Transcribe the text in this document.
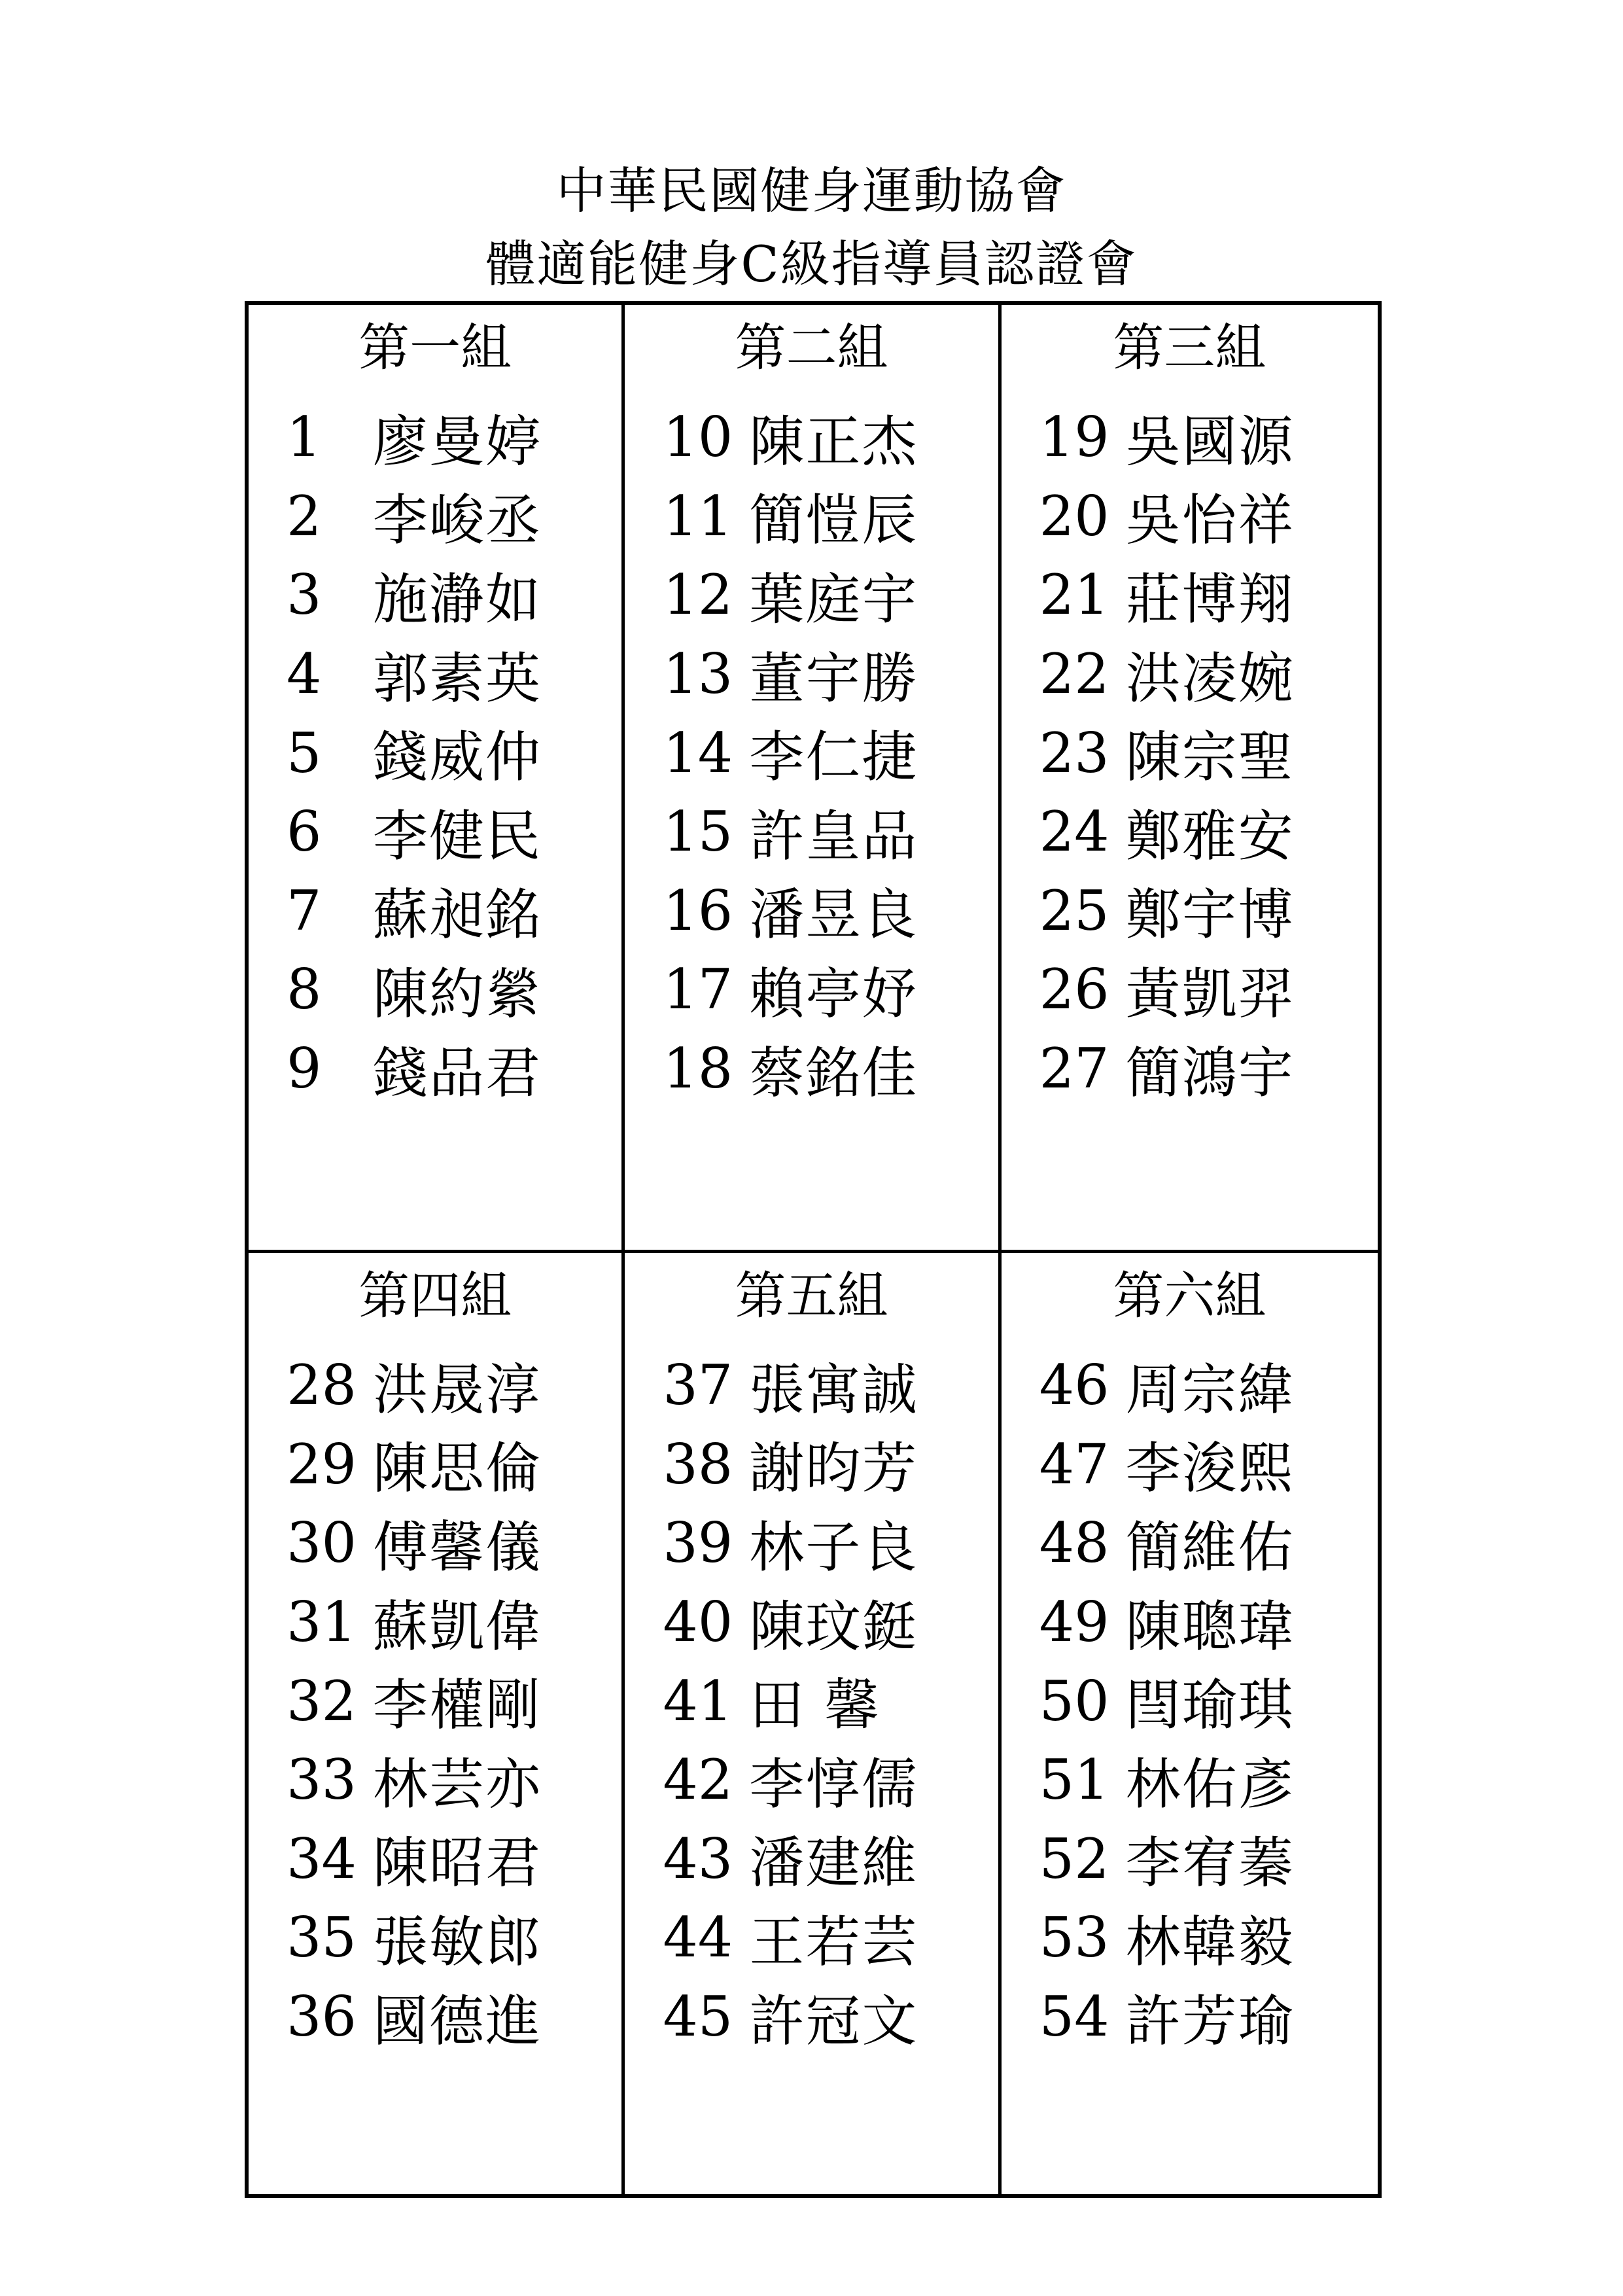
中華民國健身運動協會
體適能健身C級指導員認證會
第一組
1 廖曼婷
2 李峻丞
3 施瀞如
4 郭素英
5 錢威仲
6 李健民
7 蘇昶銘
8 陳約縈
9 錢品君
第二組
10 陳正杰
11 簡愷辰
12 葉庭宇
13 董宇勝
14 李仁捷
15 許皇品
16 潘昱良
17 賴亭妤
18 蔡銘佳
第三組
19 吳國源
20 吳怡祥
21 莊博翔
22 洪凌婉
23 陳宗聖
24 鄭雅安
25 鄭宇博
26 黃凱羿
27 簡鴻宇
第四組
28 洪晟淳
29 陳思倫
30 傅馨儀
31 蘇凱偉
32 李權剛
33 林芸亦
34 陳昭君
35 張敏郎
36 國德進
第五組
37 張寓誠
38 謝昀芳
39 林子良
40 陳玟鋌
41 田 馨
42 李惇儒
43 潘建維
44 王若芸
45 許冠文
第六組
46 周宗緯
47 李浚熙
48 簡維佑
49 陳聰瑋
50 閆瑜琪
51 林佑彥
52 李宥蓁
53 林韓毅
54 許芳瑜
